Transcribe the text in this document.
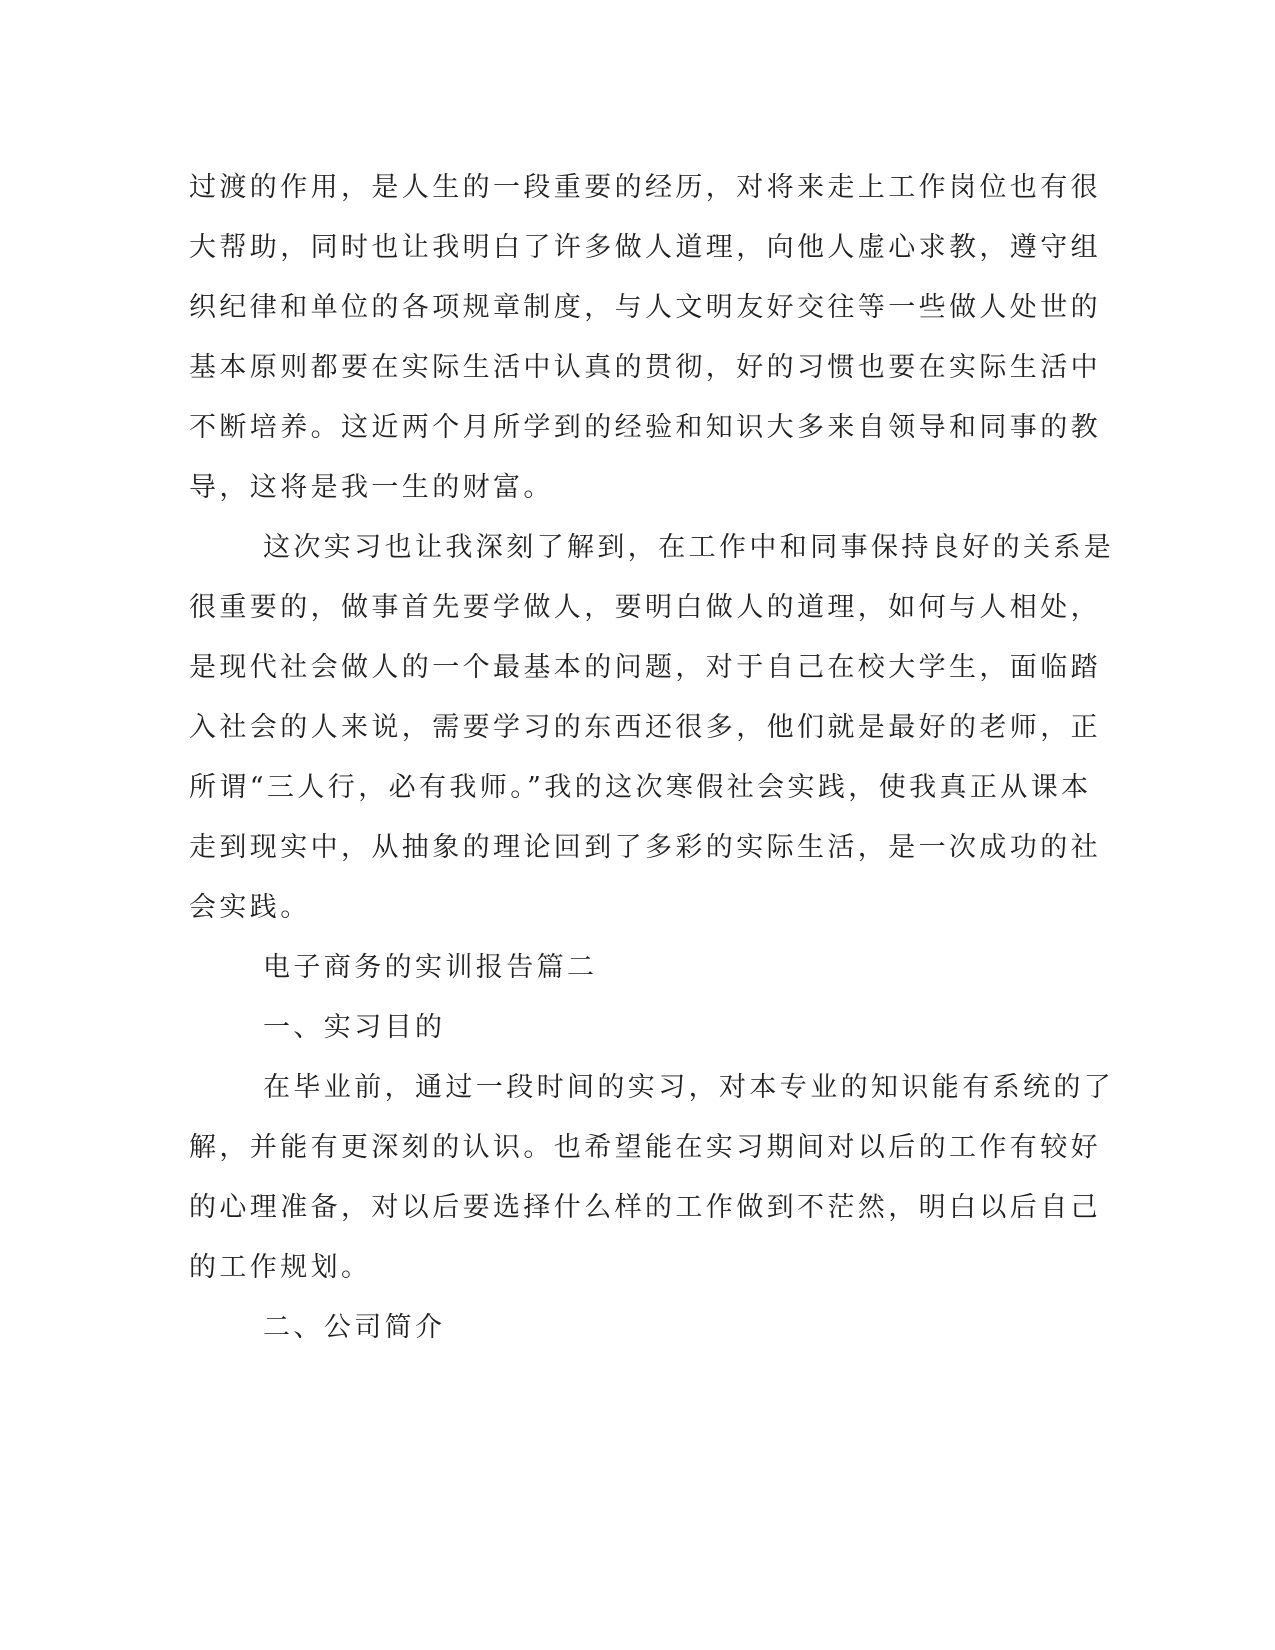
过渡的作用，是人生的一段重要的经历，对将来走上工作岗位也有很
大帮助，同时也让我明白了许多做人道理，向他人虚心求教，遵守组
织纪律和单位的各项规章制度，与人文明友好交往等一些做人处世的
基本原则都要在实际生活中认真的贯彻，好的习惯也要在实际生活中
不断培养。这近两个月所学到的经验和知识大多来自领导和同事的教
导，这将是我一生的财富。
这次实习也让我深刻了解到，在工作中和同事保持良好的关系是
很重要的，做事首先要学做人，要明白做人的道理，如何与人相处，
是现代社会做人的一个最基本的问题，对于自己在校大学生，面临踏
入社会的人来说，需要学习的东西还很多，他们就是最好的老师，正
所谓“三人行，必有我师。”我的这次寒假社会实践，使我真正从课本
走到现实中，从抽象的理论回到了多彩的实际生活，是一次成功的社
会实践。
电子商务的实训报告篇二
一、实习目的
在毕业前，通过一段时间的实习，对本专业的知识能有系统的了
解，并能有更深刻的认识。也希望能在实习期间对以后的工作有较好
的心理准备，对以后要选择什么样的工作做到不茫然，明白以后自己
的工作规划。
二、公司简介
